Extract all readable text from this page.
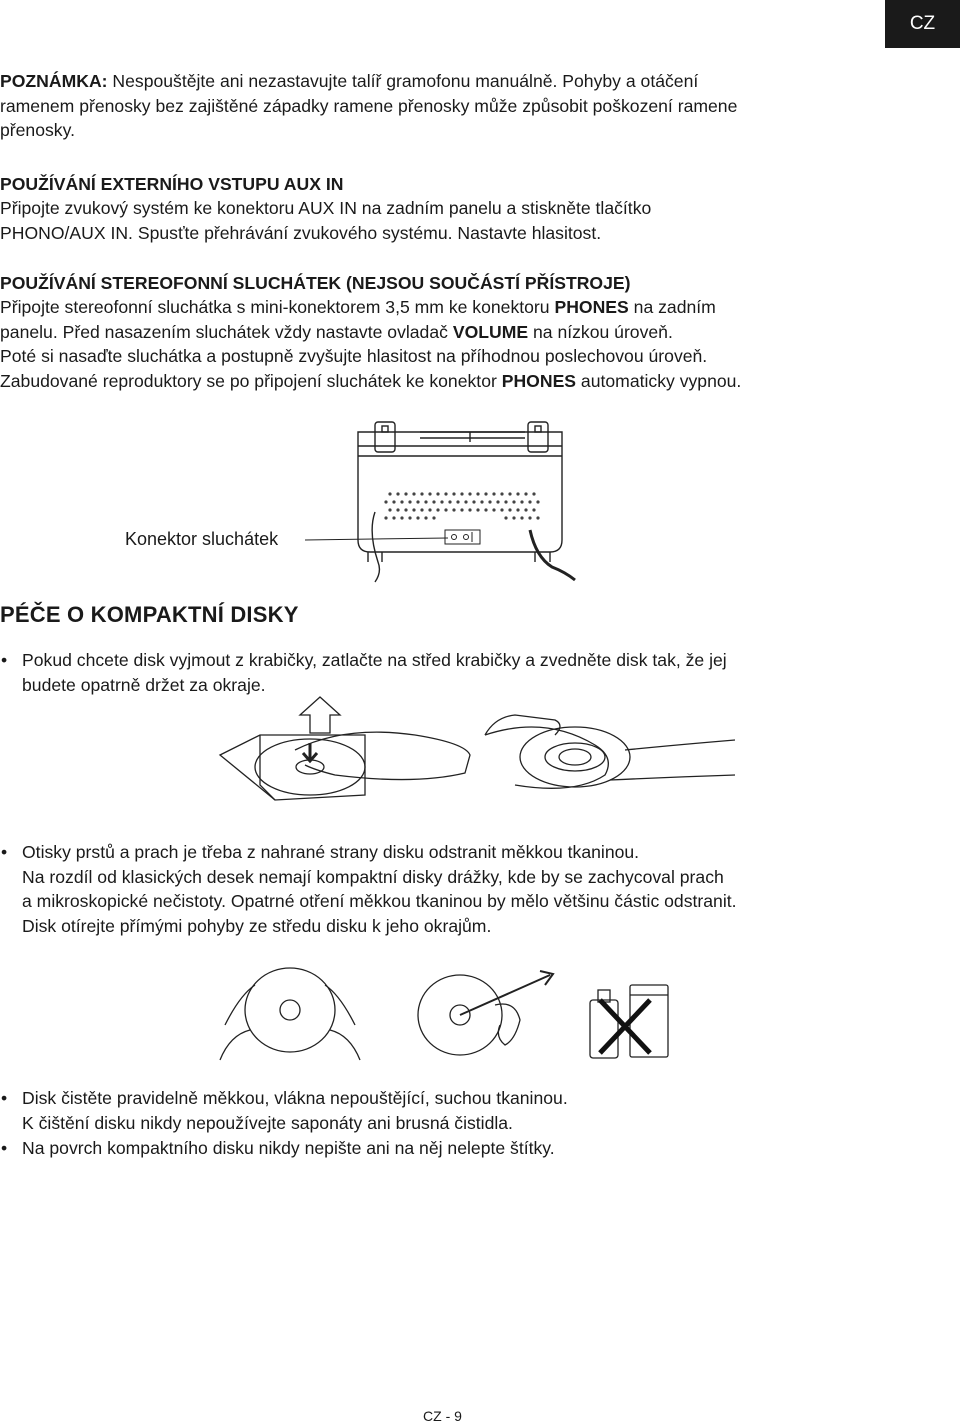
CZ

POZNÁMKA: Nespouštějte ani nezastavujte talíř gramofonu manuálně. Pohyby a otáčení
ramenem přenosky bez zajištěné západky ramene přenosky může způsobit poškození ramene
přenosky.

POUŽÍVÁNÍ EXTERNÍHO VSTUPU AUX IN

Připojte zvukový systém ke konektoru AUX IN na zadním panelu a stiskněte tlačítko
PHONO/AUX IN. Spusťte přehrávání zvukového systému. Nastavte hlasitost.

POUŽÍVÁNÍ STEREOFONNÍ SLUCHÁTEK (NEJSOU SOUČÁSTÍ PŘÍSTROJE)

Připojte stereofonní sluchátka s mini-konektorem 3,5 mm ke konektoru PHONES na zadním
panelu. Před nasazením sluchátek vždy nastavte ovladač VOLUME na nízkou úroveň.
Poté si nasaďte sluchátka a postupně zvyšujte hlasitost na příhodnou poslechovou úroveň.
Zabudované reproduktory se po připojení sluchátek ke konektor PHONES automaticky vypnou.

Konektor sluchátek

PÉČE O KOMPAKTNÍ DISKY

• Pokud chcete disk vyjmout z krabičky, zatlačte na střed krabičky a zvedněte disk tak, že jej
budete opatrně držet za okraje.
• Otisky prstů a prach je třeba z nahrané strany disku odstranit měkkou tkaninou.
Na rozdíl od klasických desek nemají kompaktní disky drážky, kde by se zachycoval prach
a mikroskopické nečistoty. Opatrné otření měkkou tkaninou by mělo většinu částic odstranit.
Disk otírejte přímými pohyby ze středu disku k jeho okrajům.
• Disk čistěte pravidelně měkkou, vlákna nepouštějící, suchou tkaninou.
K čištění disku nikdy nepoužívejte saponáty ani brusná čistidla.
• Na povrch kompaktního disku nikdy nepište ani na něj nelepte štítky.
CZ - 9
